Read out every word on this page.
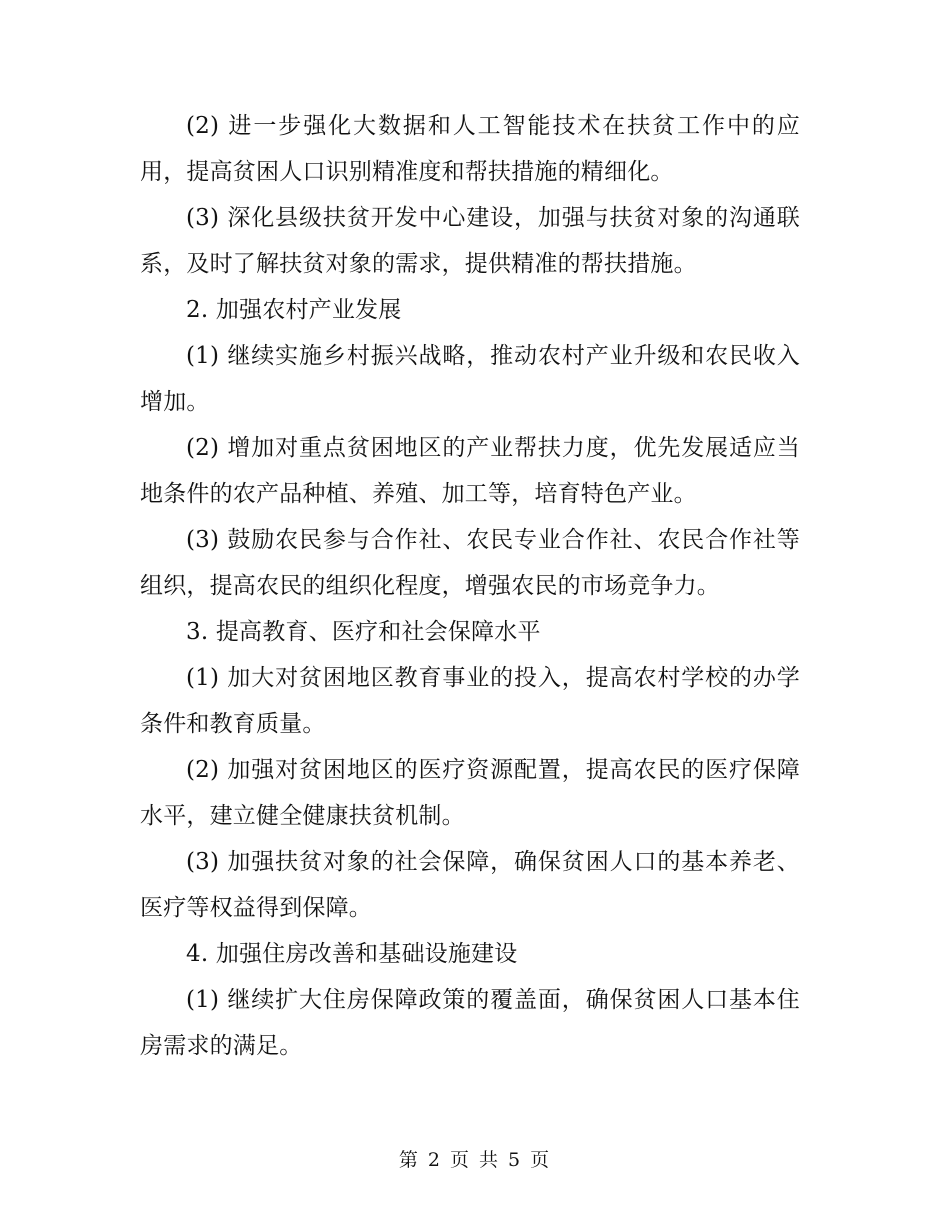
(2) 进一步强化大数据和人工智能技术在扶贫工作中的应用，提高贫困人口识别精准度和帮扶措施的精细化。

(3) 深化县级扶贫开发中心建设，加强与扶贫对象的沟通联系，及时了解扶贫对象的需求，提供精准的帮扶措施。

2. 加强农村产业发展

(1) 继续实施乡村振兴战略，推动农村产业升级和农民收入增加。

(2) 增加对重点贫困地区的产业帮扶力度，优先发展适应当地条件的农产品种植、养殖、加工等，培育特色产业。

(3) 鼓励农民参与合作社、农民专业合作社、农民合作社等组织，提高农民的组织化程度，增强农民的市场竞争力。

3. 提高教育、医疗和社会保障水平

(1) 加大对贫困地区教育事业的投入，提高农村学校的办学条件和教育质量。

(2) 加强对贫困地区的医疗资源配置，提高农民的医疗保障水平，建立健全健康扶贫机制。

(3) 加强扶贫对象的社会保障，确保贫困人口的基本养老、医疗等权益得到保障。

4. 加强住房改善和基础设施建设

(1) 继续扩大住房保障政策的覆盖面，确保贫困人口基本住房需求的满足。

第 2 页 共 5 页
